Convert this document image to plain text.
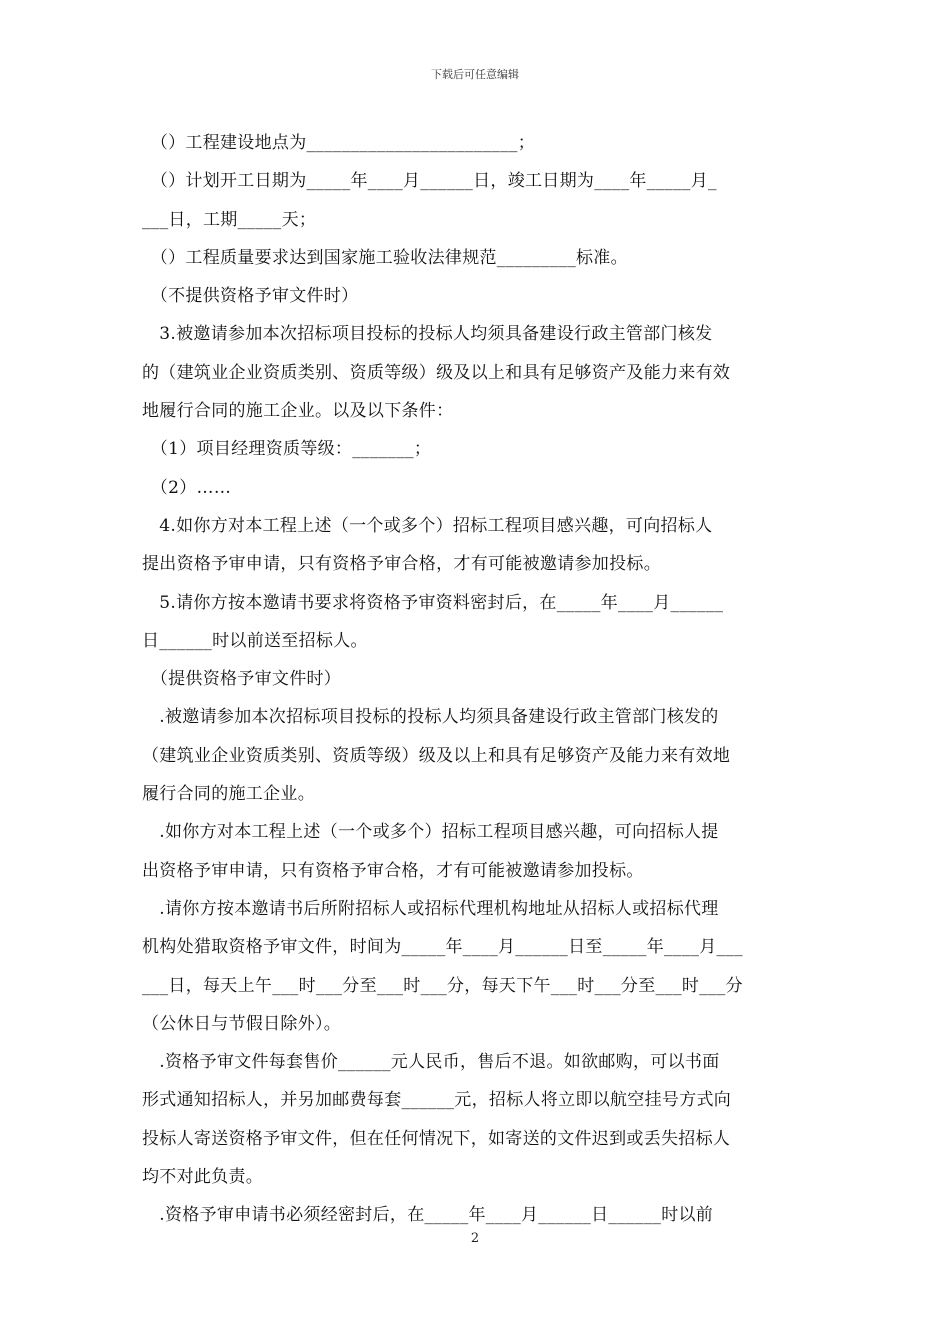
下载后可任意编辑
　（）工程建设地点为________________________；
　（）计划开工日期为_____年____月______日，竣工日期为____年_____月_
___日，工期_____天；
　（）工程质量要求达到国家施工验收法律规范_________标准。
　（不提供资格予审文件时）
　3.被邀请参加本次招标项目投标的投标人均须具备建设行政主管部门核发
的（建筑业企业资质类别、资质等级）级及以上和具有足够资产及能力来有效
地履行合同的施工企业。以及以下条件：
　（1）项目经理资质等级：_______；
　（2）……
　4.如你方对本工程上述（一个或多个）招标工程项目感兴趣，可向招标人
提出资格予审申请，只有资格予审合格，才有可能被邀请参加投标。
　5.请你方按本邀请书要求将资格予审资料密封后，在_____年____月______
日______时以前送至招标人。
　（提供资格予审文件时）
　.被邀请参加本次招标项目投标的投标人均须具备建设行政主管部门核发的
（建筑业企业资质类别、资质等级）级及以上和具有足够资产及能力来有效地
履行合同的施工企业。
　.如你方对本工程上述（一个或多个）招标工程项目感兴趣，可向招标人提
出资格予审申请，只有资格予审合格，才有可能被邀请参加投标。
　.请你方按本邀请书后所附招标人或招标代理机构地址从招标人或招标代理
机构处猎取资格予审文件，时间为_____年____月______日至_____年____月___
___日，每天上午___时___分至___时___分，每天下午___时___分至___时___分
（公休日与节假日除外）。
　.资格予审文件每套售价______元人民币，售后不退。如欲邮购，可以书面
形式通知招标人，并另加邮费每套______元，招标人将立即以航空挂号方式向
投标人寄送资格予审文件，但在任何情况下，如寄送的文件迟到或丢失招标人
均不对此负责。
　.资格予审申请书必须经密封后，在_____年____月______日______时以前
2
